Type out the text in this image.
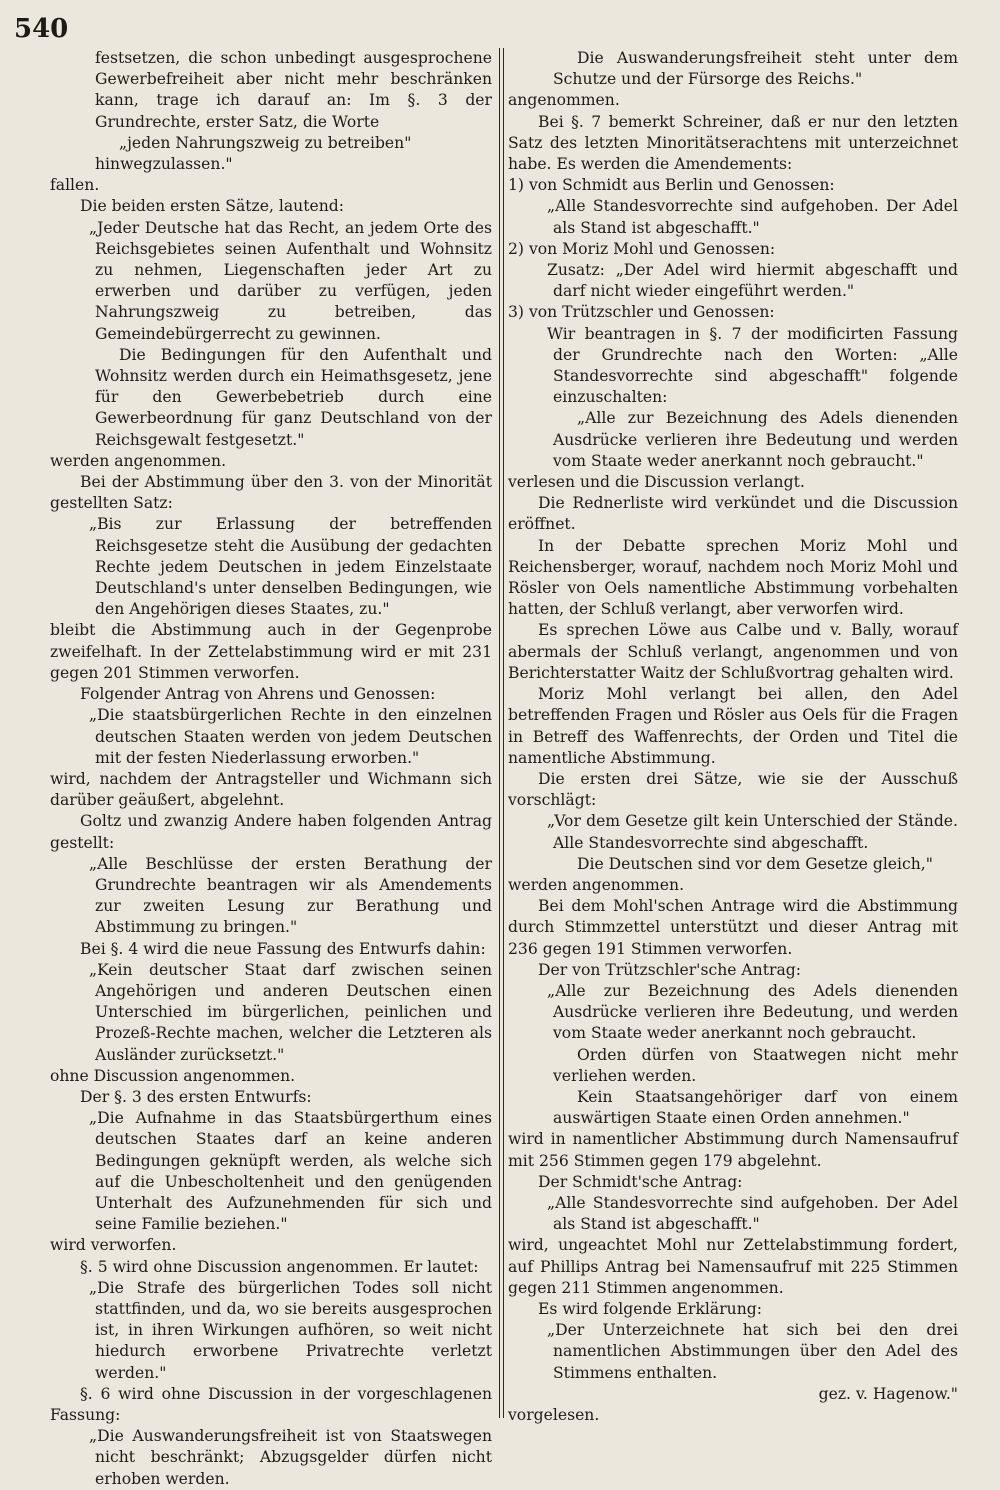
540

festsetzen, die schon unbedingt ausgesprochene Gewerbefreiheit aber nicht mehr beschränken kann, trage ich darauf an: Im §. 3 der Grundrechte, erster Satz, die Worte

„jeden Nahrungszweig zu betreiben"

hinwegzulassen."

fallen.

Die beiden ersten Sätze, lautend:

„Jeder Deutsche hat das Recht, an jedem Orte des Reichsgebietes seinen Aufenthalt und Wohnsitz zu nehmen, Liegenschaften jeder Art zu erwerben und darüber zu verfügen, jeden Nahrungszweig zu betreiben, das Gemeindebürgerrecht zu gewinnen.

Die Bedingungen für den Aufenthalt und Wohnsitz werden durch ein Heimathsgesetz, jene für den Gewerbebetrieb durch eine Gewerbeordnung für ganz Deutschland von der Reichsgewalt festgesetzt."

werden angenommen.

Bei der Abstimmung über den 3. von der Minorität gestellten Satz:

„Bis zur Erlassung der betreffenden Reichsgesetze steht die Ausübung der gedachten Rechte jedem Deutschen in jedem Einzelstaate Deutschland's unter denselben Bedingungen, wie den Angehörigen dieses Staates, zu."

bleibt die Abstimmung auch in der Gegenprobe zweifelhaft. In der Zettelabstimmung wird er mit 231 gegen 201 Stimmen verworfen.

Folgender Antrag von Ahrens und Genossen:

„Die staatsbürgerlichen Rechte in den einzelnen deutschen Staaten werden von jedem Deutschen mit der festen Niederlassung erworben."

wird, nachdem der Antragsteller und Wichmann sich darüber geäußert, abgelehnt.

Goltz und zwanzig Andere haben folgenden Antrag gestellt:

„Alle Beschlüsse der ersten Berathung der Grundrechte beantragen wir als Amendements zur zweiten Lesung zur Berathung und Abstimmung zu bringen."

Bei §. 4 wird die neue Fassung des Entwurfs dahin:

„Kein deutscher Staat darf zwischen seinen Angehörigen und anderen Deutschen einen Unterschied im bürgerlichen, peinlichen und Prozeß-Rechte machen, welcher die Letzteren als Ausländer zurücksetzt."

ohne Discussion angenommen.

Der §. 3 des ersten Entwurfs:

„Die Aufnahme in das Staatsbürgerthum eines deutschen Staates darf an keine anderen Bedingungen geknüpft werden, als welche sich auf die Unbescholtenheit und den genügenden Unterhalt des Aufzunehmenden für sich und seine Familie beziehen."

wird verworfen.

§. 5 wird ohne Discussion angenommen. Er lautet:

„Die Strafe des bürgerlichen Todes soll nicht stattfinden, und da, wo sie bereits ausgesprochen ist, in ihren Wirkungen aufhören, so weit nicht hiedurch erworbene Privatrechte verletzt werden."

§. 6 wird ohne Discussion in der vorgeschlagenen Fassung:

„Die Auswanderungsfreiheit ist von Staatswegen nicht beschränkt; Abzugsgelder dürfen nicht erhoben werden.

Die Auswanderungsfreiheit steht unter dem Schutze und der Fürsorge des Reichs."

angenommen.

Bei §. 7 bemerkt Schreiner, daß er nur den letzten Satz des letzten Minoritätserachtens mit unterzeichnet habe. Es werden die Amendements:

1) von Schmidt aus Berlin und Genossen:

„Alle Standesvorrechte sind aufgehoben. Der Adel als Stand ist abgeschafft."

2) von Moriz Mohl und Genossen:

Zusatz: „Der Adel wird hiermit abgeschafft und darf nicht wieder eingeführt werden."

3) von Trützschler und Genossen:

Wir beantragen in §. 7 der modificirten Fassung der Grundrechte nach den Worten: „Alle Standesvorrechte sind abgeschafft" folgende einzuschalten:

„Alle zur Bezeichnung des Adels dienenden Ausdrücke verlieren ihre Bedeutung und werden vom Staate weder anerkannt noch gebraucht."

verlesen und die Discussion verlangt.

Die Rednerliste wird verkündet und die Discussion eröffnet.

In der Debatte sprechen Moriz Mohl und Reichensberger, worauf, nachdem noch Moriz Mohl und Rösler von Oels namentliche Abstimmung vorbehalten hatten, der Schluß verlangt, aber verworfen wird.

Es sprechen Löwe aus Calbe und v. Bally, worauf abermals der Schluß verlangt, angenommen und von Berichterstatter Waitz der Schlußvortrag gehalten wird.

Moriz Mohl verlangt bei allen, den Adel betreffenden Fragen und Rösler aus Oels für die Fragen in Betreff des Waffenrechts, der Orden und Titel die namentliche Abstimmung.

Die ersten drei Sätze, wie sie der Ausschuß vorschlägt:

„Vor dem Gesetze gilt kein Unterschied der Stände. Alle Standesvorrechte sind abgeschafft.

Die Deutschen sind vor dem Gesetze gleich,"

werden angenommen.

Bei dem Mohl'schen Antrage wird die Abstimmung durch Stimmzettel unterstützt und dieser Antrag mit 236 gegen 191 Stimmen verworfen.

Der von Trützschler'sche Antrag:

„Alle zur Bezeichnung des Adels dienenden Ausdrücke verlieren ihre Bedeutung, und werden vom Staate weder anerkannt noch gebraucht.

Orden dürfen von Staatwegen nicht mehr verliehen werden.

Kein Staatsangehöriger darf von einem auswärtigen Staate einen Orden annehmen."

wird in namentlicher Abstimmung durch Namensaufruf mit 256 Stimmen gegen 179 abgelehnt.

Der Schmidt'sche Antrag:

„Alle Standesvorrechte sind aufgehoben. Der Adel als Stand ist abgeschafft."

wird, ungeachtet Mohl nur Zettelabstimmung fordert, auf Phillips Antrag bei Namensaufruf mit 225 Stimmen gegen 211 Stimmen angenommen.

Es wird folgende Erklärung:

„Der Unterzeichnete hat sich bei den drei namentlichen Abstimmungen über den Adel des Stimmens enthalten.

gez. v. Hagenow."

vorgelesen.
